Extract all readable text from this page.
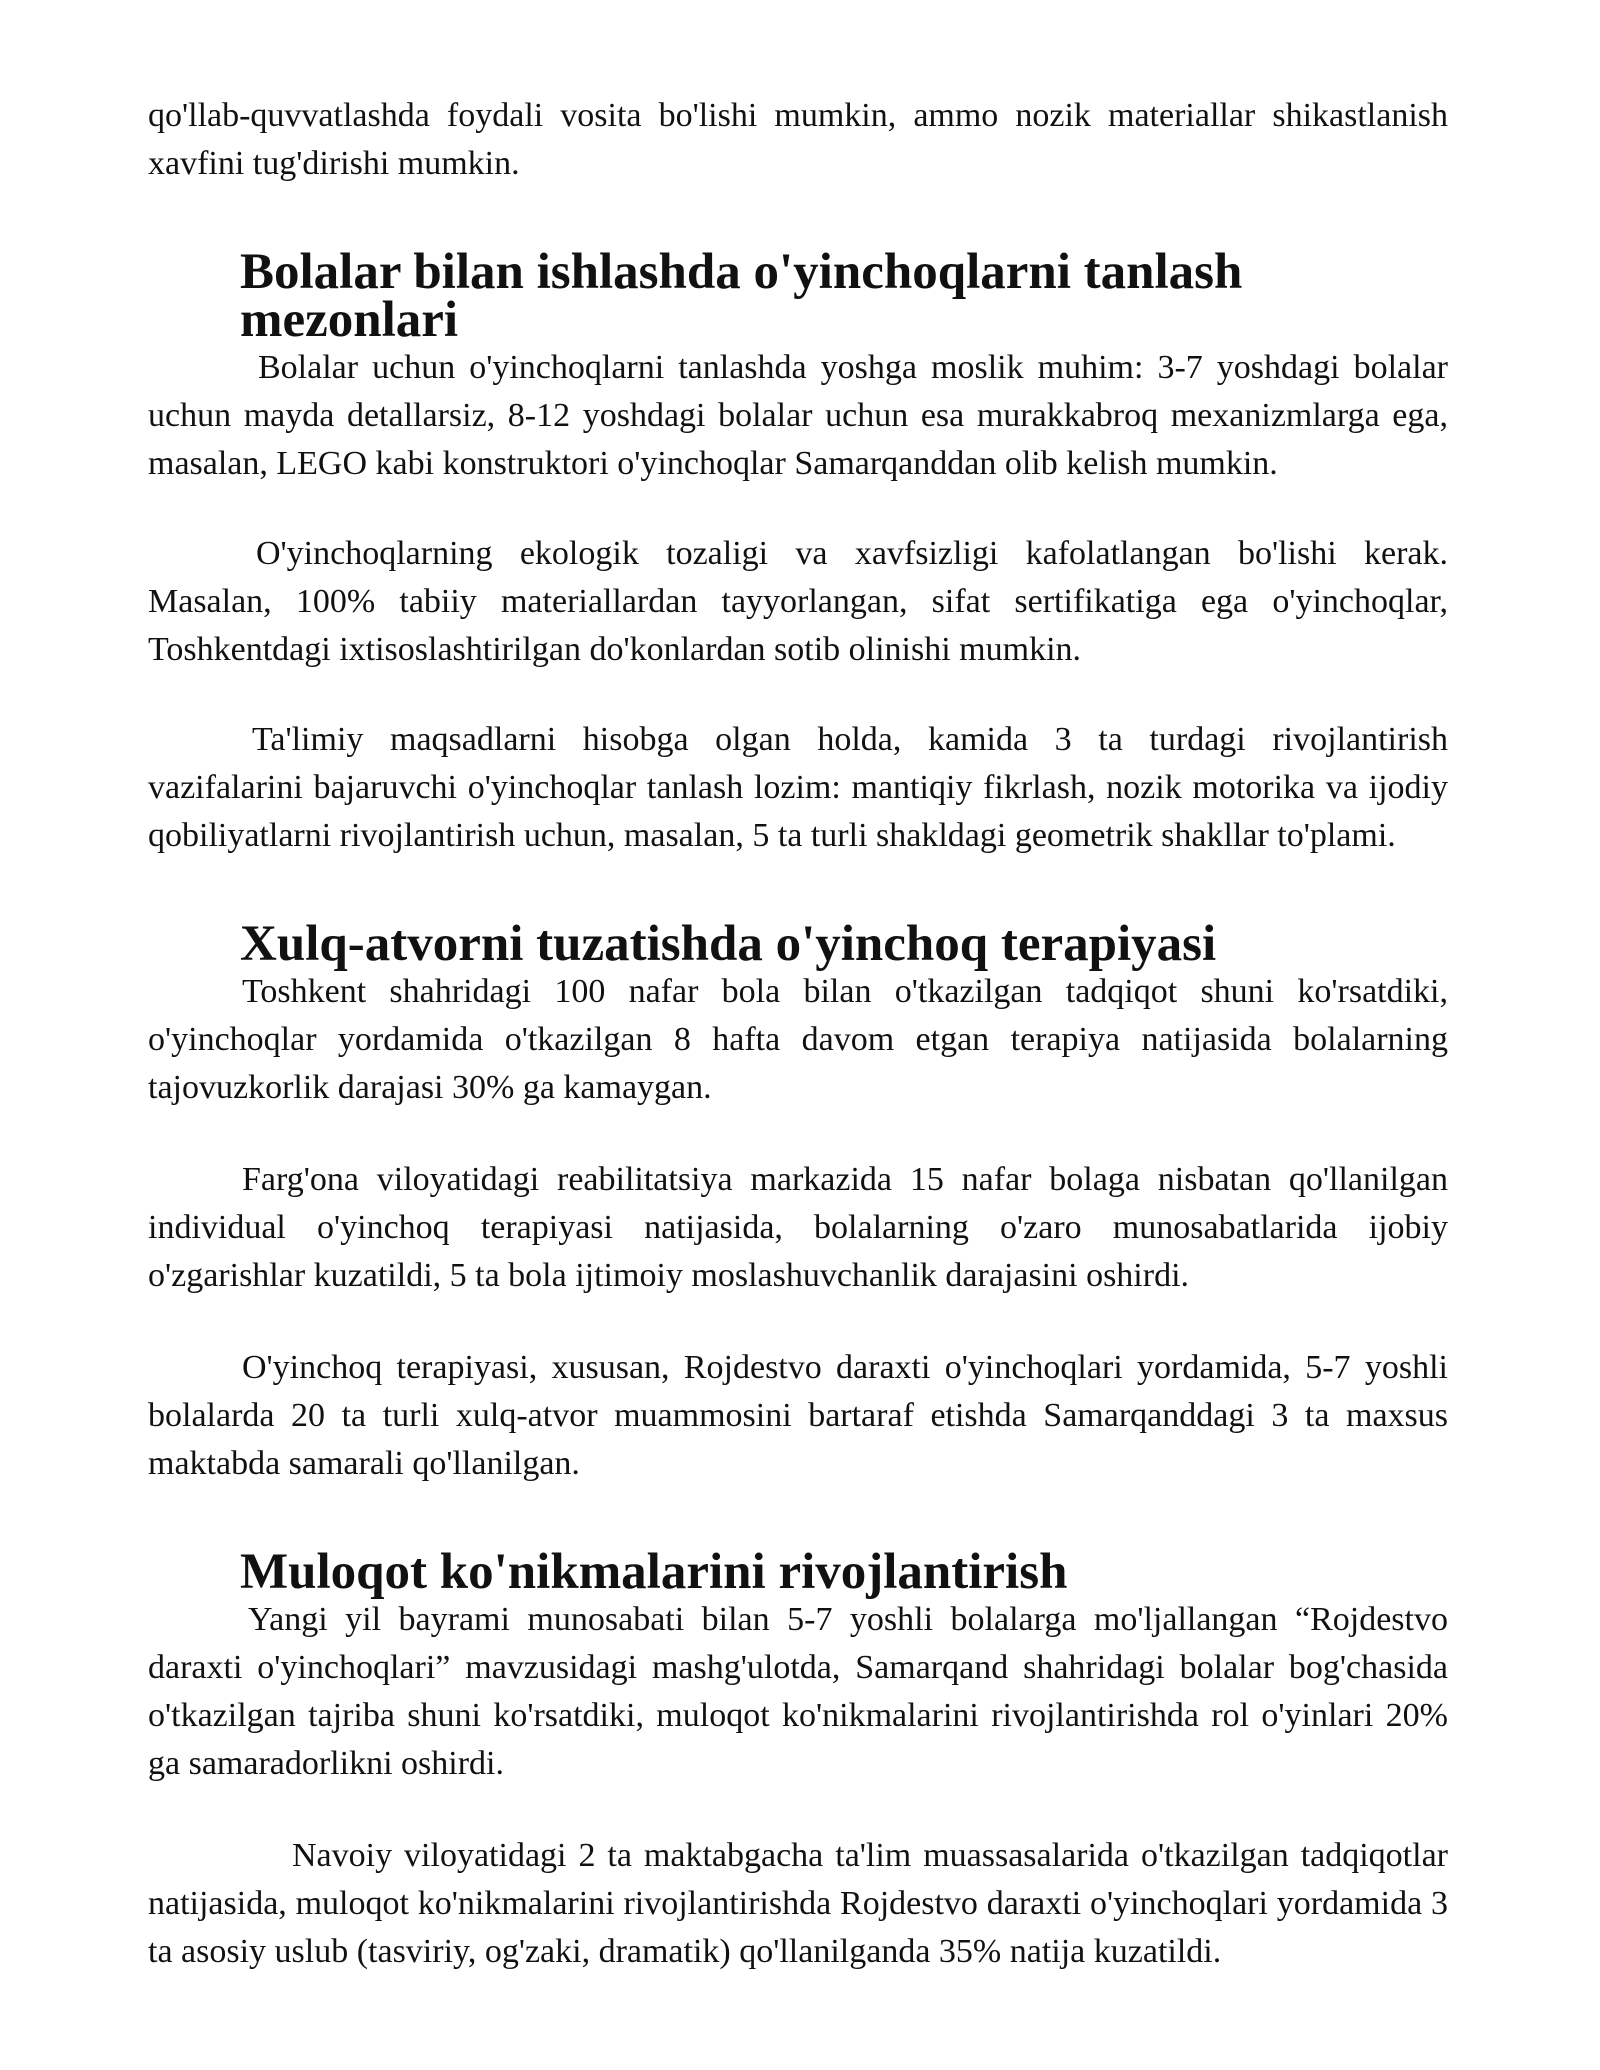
qo'llab-quvvatlashda foydali vosita bo'lishi mumkin, ammo nozik materiallar shikastlanish xavfini tug'dirishi mumkin.

Bolalar bilan ishlashda o'yinchoqlarni tanlash mezonlari

Bolalar uchun o'yinchoqlarni tanlashda yoshga moslik muhim: 3-7 yoshdagi bolalar uchun mayda detallarsiz, 8-12 yoshdagi bolalar uchun esa murakkabroq mexanizmlarga ega, masalan, LEGO kabi konstruktori o'yinchoqlar Samarqanddan olib kelish mumkin.

O'yinchoqlarning ekologik tozaligi va xavfsizligi kafolatlangan bo'lishi kerak. Masalan, 100% tabiiy materiallardan tayyorlangan, sifat sertifikatiga ega o'yinchoqlar, Toshkentdagi ixtisoslashtirilgan do'konlardan sotib olinishi mumkin.

Ta'limiy maqsadlarni hisobga olgan holda, kamida 3 ta turdagi rivojlantirish vazifalarini bajaruvchi o'yinchoqlar tanlash lozim: mantiqiy fikrlash, nozik motorika va ijodiy qobiliyatlarni rivojlantirish uchun, masalan, 5 ta turli shakldagi geometrik shakllar to'plami.

Xulq-atvorni tuzatishda o'yinchoq terapiyasi

Toshkent shahridagi 100 nafar bola bilan o'tkazilgan tadqiqot shuni ko'rsatdiki, o'yinchoqlar yordamida o'tkazilgan 8 hafta davom etgan terapiya natijasida bolalarning tajovuzkorlik darajasi 30% ga kamaygan.

Farg'ona viloyatidagi reabilitatsiya markazida 15 nafar bolaga nisbatan qo'llanilgan individual o'yinchoq terapiyasi natijasida, bolalarning o'zaro munosabatlarida ijobiy o'zgarishlar kuzatildi, 5 ta bola ijtimoiy moslashuvchanlik darajasini oshirdi.

O'yinchoq terapiyasi, xususan, Rojdestvo daraxti o'yinchoqlari yordamida, 5-7 yoshli bolalarda 20 ta turli xulq-atvor muammosini bartaraf etishda Samarqanddagi 3 ta maxsus maktabda samarali qo'llanilgan.

Muloqot ko'nikmalarini rivojlantirish

Yangi yil bayrami munosabati bilan 5-7 yoshli bolalarga mo'ljallangan “Rojdestvo daraxti o'yinchoqlari” mavzusidagi mashg'ulotda, Samarqand shahridagi bolalar bog'chasida o'tkazilgan tajriba shuni ko'rsatdiki, muloqot ko'nikmalarini rivojlantirishda rol o'yinlari 20% ga samaradorlikni oshirdi.

Navoiy viloyatidagi 2 ta maktabgacha ta'lim muassasalarida o'tkazilgan tadqiqotlar natijasida, muloqot ko'nikmalarini rivojlantirishda Rojdestvo daraxti o'yinchoqlari yordamida 3 ta asosiy uslub (tasviriy, og'zaki, dramatik) qo'llanilganda 35% natija kuzatildi.
